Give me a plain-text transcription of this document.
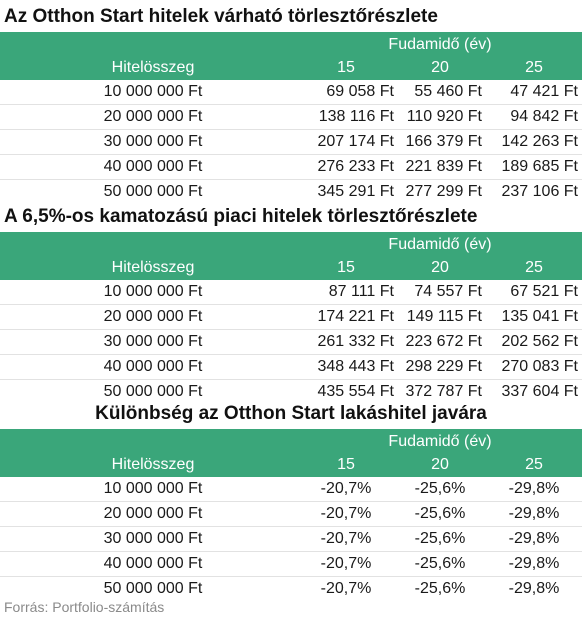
Az Otthon Start hitelek várható törlesztőrészlete
Fudamidő (év)
Hitelösszeg	15	20	25
10 000 000 Ft	69 058 Ft	55 460 Ft	47 421 Ft
20 000 000 Ft	138 116 Ft 110 920 Ft	94 842 Ft
30 000 000 Ft	207 174 Ft 166 379 Ft	142 263 Ft
40 000 000 Ft	276 233 Ft 221 839 Ft	189 685 Ft
50 000 000 Ft	345 291 Ft 277 299 Ft	237 106 Ft
A 6,5%-os kamatozású piaci hitelek törlesztőrészlete
Fudamidő (év)
Hitelösszeg	15	20	25
10 000 000 Ft	87 111 Ft	74 557 Ft	67 521 Ft
20 000 000 Ft	174 221 Ft 149 115 Ft	135 041 Ft
30 000 000 Ft	261 332 Ft 223 672 Ft	202 562 Ft
40 000 000 Ft	348 443 Ft 298 229 Ft	270 083 Ft
50 000 000 Ft	435 554 Ft 372 787 Ft	337 604 Ft
Különbség az Otthon Start lakáshitel javára
Fudamidő (év)
Hitelösszeg	15	20	25
10 000 000 Ft	-20,7%	-25,6%	-29,8%
20 000 000 Ft	-20,7%	-25,6%	-29,8%
30 000 000 Ft	-20,7%	-25,6%	-29,8%
40 000 000 Ft	-20,7%	-25,6%	-29,8%
50 000 000 Ft	-20,7%	-25,6%	-29,8%
Forrás: Portfolio-számítás
